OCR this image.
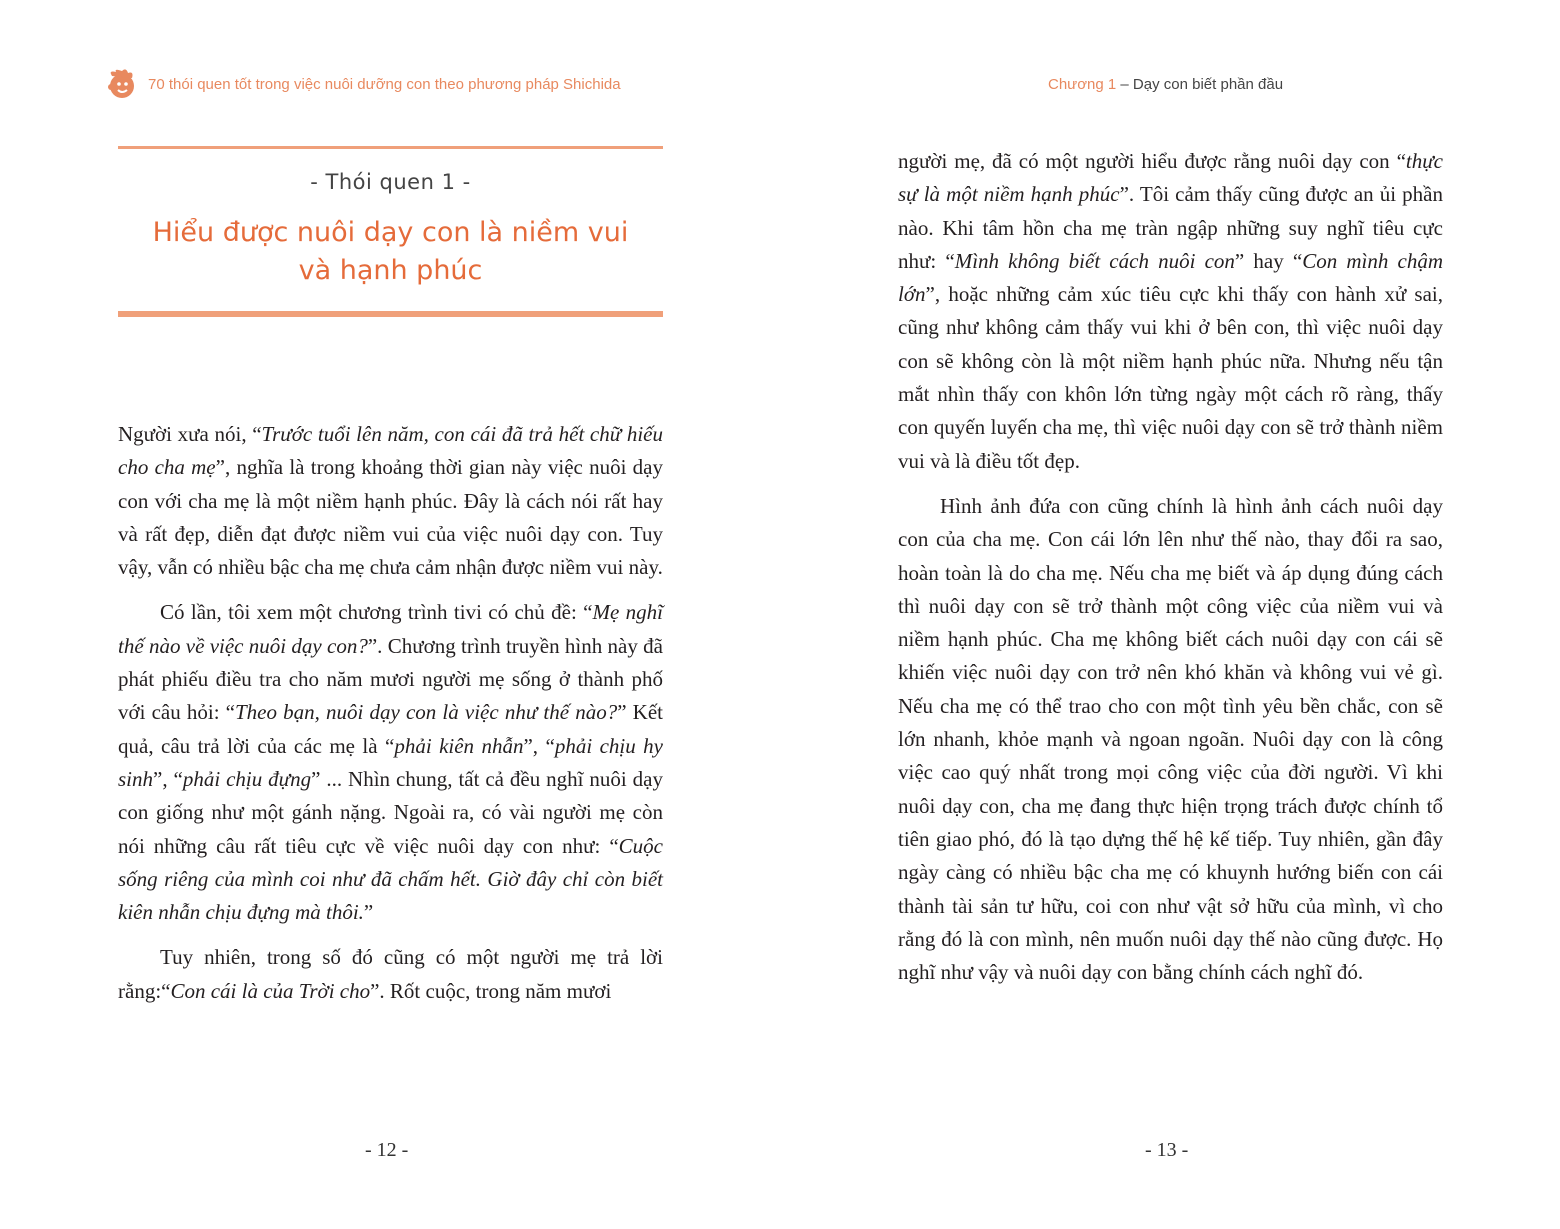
70 thói quen tốt trong việc nuôi dưỡng con theo phương pháp Shichida
- Thói quen 1 -
Hiểu được nuôi dạy con là niềm vui
và hạnh phúc

Người xưa nói, “Trước tuổi lên năm, con cái đã trả hết chữ hiếu cho cha mẹ”, nghĩa là trong khoảng thời gian này việc nuôi dạy con với cha mẹ là một niềm hạnh phúc. Đây là cách nói rất hay và rất đẹp, diễn đạt được niềm vui của việc nuôi dạy con. Tuy vậy, vẫn có nhiều bậc cha mẹ chưa cảm nhận được niềm vui này.

Có lần, tôi xem một chương trình tivi có chủ đề: “Mẹ nghĩ thế nào về việc nuôi dạy con?”. Chương trình truyền hình này đã phát phiếu điều tra cho năm mươi người mẹ sống ở thành phố với câu hỏi: “Theo bạn, nuôi dạy con là việc như thế nào?” Kết quả, câu trả lời của các mẹ là “phải kiên nhẫn”, “phải chịu hy sinh”, “phải chịu đựng” ... Nhìn chung, tất cả đều nghĩ nuôi dạy con giống như một gánh nặng. Ngoài ra, có vài người mẹ còn nói những câu rất tiêu cực về việc nuôi dạy con như: “Cuộc sống riêng của mình coi như đã chấm hết. Giờ đây chỉ còn biết kiên nhẫn chịu đựng mà thôi.”

Tuy nhiên, trong số đó cũng có một người mẹ trả lời rằng:“Con cái là của Trời cho”. Rốt cuộc, trong năm mươi

- 12 -
Chương 1 – Dạy con biết phần đầu

người mẹ, đã có một người hiểu được rằng nuôi dạy con “thực sự là một niềm hạnh phúc”. Tôi cảm thấy cũng được an ủi phần nào. Khi tâm hồn cha mẹ tràn ngập những suy nghĩ tiêu cực như: “Mình không biết cách nuôi con” hay “Con mình chậm lớn”, hoặc những cảm xúc tiêu cực khi thấy con hành xử sai, cũng như không cảm thấy vui khi ở bên con, thì việc nuôi dạy con sẽ không còn là một niềm hạnh phúc nữa. Nhưng nếu tận mắt nhìn thấy con khôn lớn từng ngày một cách rõ ràng, thấy con quyến luyến cha mẹ, thì việc nuôi dạy con sẽ trở thành niềm vui và là điều tốt đẹp.

Hình ảnh đứa con cũng chính là hình ảnh cách nuôi dạy con của cha mẹ. Con cái lớn lên như thế nào, thay đổi ra sao, hoàn toàn là do cha mẹ. Nếu cha mẹ biết và áp dụng đúng cách thì nuôi dạy con sẽ trở thành một công việc của niềm vui và niềm hạnh phúc. Cha mẹ không biết cách nuôi dạy con cái sẽ khiến việc nuôi dạy con trở nên khó khăn và không vui vẻ gì. Nếu cha mẹ có thể trao cho con một tình yêu bền chắc, con sẽ lớn nhanh, khỏe mạnh và ngoan ngoãn. Nuôi dạy con là công việc cao quý nhất trong mọi công việc của đời người. Vì khi nuôi dạy con, cha mẹ đang thực hiện trọng trách được chính tổ tiên giao phó, đó là tạo dựng thế hệ kế tiếp. Tuy nhiên, gần đây ngày càng có nhiều bậc cha mẹ có khuynh hướng biến con cái thành tài sản tư hữu, coi con như vật sở hữu của mình, vì cho rằng đó là con mình, nên muốn nuôi dạy thế nào cũng được. Họ nghĩ như vậy và nuôi dạy con bằng chính cách nghĩ đó.

- 13 -
